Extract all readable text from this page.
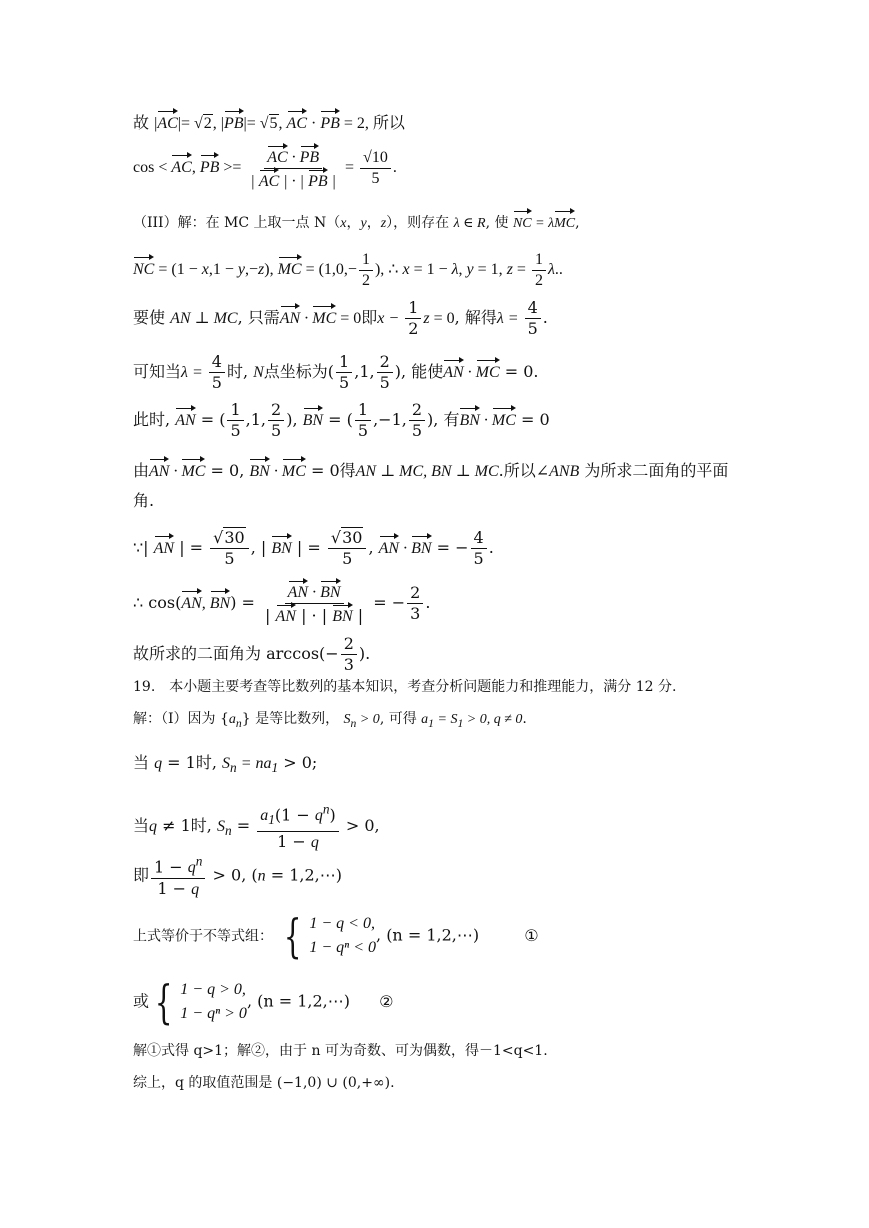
故 |AC|= √2, |PB|= √5, AC · PB = 2, 所以
cos < AC, PB >= $\frac{AC \cdot PB}{| AC | \cdot | PB |} = \frac{√10}{5}$ .
（III）解：在 MC 上取一点 N（x，y，z），则存在 λ ∈ R, 使 NC = λMC,
NC = (1 − x,1 − y,−z), MC = ($1,0,- \frac{1}{2}$ ), ∴ x = 1 − λ, y = 1, $z = \frac{1}{2} \lambda$..
要使 AN ⊥ MC, 只需AN · MC = 0即$x - \frac{1}{2}$ z = 0, 解得$\lambda = \frac{4}{5}$ .
可知当$\lambda = \frac{4}{5}$ 时, N点坐标为( $\frac{1}{5} ,1$, $\frac{2}{5}$ ), 能使AN · MC = 0.
此时, AN = ( $\frac{1}{5} ,1$, $\frac{2}{5}$ ), BN = ( $\frac{1}{5} ,-1$, $\frac{2}{5}$ ), 有BN · MC = 0
由AN · MC = 0, BN · MC = 0得AN ⊥ MC, BN ⊥ MC.所以∠ANB 为所求二面角的平面
角.
∵| AN | = $\frac{√30}{5}$ , | BN | = $\frac{√30}{5}$ , AN · BN = − $\frac{4}{5}$ .
∴ cos(AN, $BN) = \frac{AN \cdot BN}{| AN | \cdot | BN |}$ = − $\frac{2}{3}$ .
故所求的二面角为 $\arccos(- \frac{2}{3}$ ).
19.　本小题主要考查等比数列的基本知识，考查分析问题能力和推理能力，满分 12 分.
解：（I）因为 $\{a_n\}$ 是等比数列， $S_n > 0$, 可得 $a_1 = S_1 > 0$, q ≠ 0.
当 q = 1时, $S_n = na_1 > 0$;
当q ≠ 1时, $S_n = \frac{a_1(1 - q^n)}{1 - q} > 0$,
即 $\frac{1 - q^n}{1 - q} > 0$, (n = 1,2,⋯)
上式等价于不等式组： { 1 − q < 0,
1 − qⁿ < 0
, (n = 1,2,⋯)	①
或 { 1 − q > 0,
1 − qⁿ > 0
, (n = 1,2,⋯) ②
解①式得 q>1；解②，由于 n 可为奇数、可为偶数，得－1<q<1.
综上，q 的取值范围是 (−1,0) ∪ (0,+∞).
